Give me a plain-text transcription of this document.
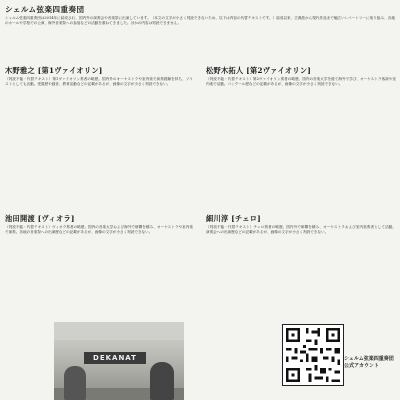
シェルム弦楽四重奏団
シェルム弦楽四重奏団は2014年に結成され、国内外の演奏会や音楽祭に出演しています。（本文の文字が小さく判読できないため、以下は内容の代替テキストです。）結成以来、古典派から現代作品まで幅広いレパートリーに取り組み、各地のホールや学校での公演、海外音楽祭への参加などの活動を重ねてきました。ほかの内容は判読できません。
木野雅之 [第1ヴァイオリン]
（判読不能・代替テキスト）第1ヴァイオリン奏者の略歴。国内外のオーケストラや室内楽で演奏経験を持ち、ソリストとしても活動。受賞歴や録音、教育活動などの記載があるが、画像の文字が小さく判読できない。
池田開渡 [ヴィオラ]
（判読不能・代替テキスト）ヴィオラ奏者の略歴。国内の音楽大学および海外で研鑽を積み、オーケストラや室内楽で演奏。各地の音楽祭への出演歴などの記載があるが、画像の文字が小さく判読できない。
松野木拓人 [第2ヴァイオリン]
（判読不能・代替テキスト）第2ヴァイオリン奏者の略歴。国内の音楽大学を経て海外で学び、オーケストラ客演や室内楽で活動。コンクール歴などの記載があるが、画像の文字が小さく判読できない。
細川淳 [チェロ]
（判読不能・代替テキスト）チェロ奏者の略歴。国内外で研鑽を積み、オーケストラおよび室内楽奏者として活動。演奏会への出演歴などの記載があるが、画像の文字が小さく判読できない。
DEKANAT	シェルム弦楽四重奏団
公式アカウント
